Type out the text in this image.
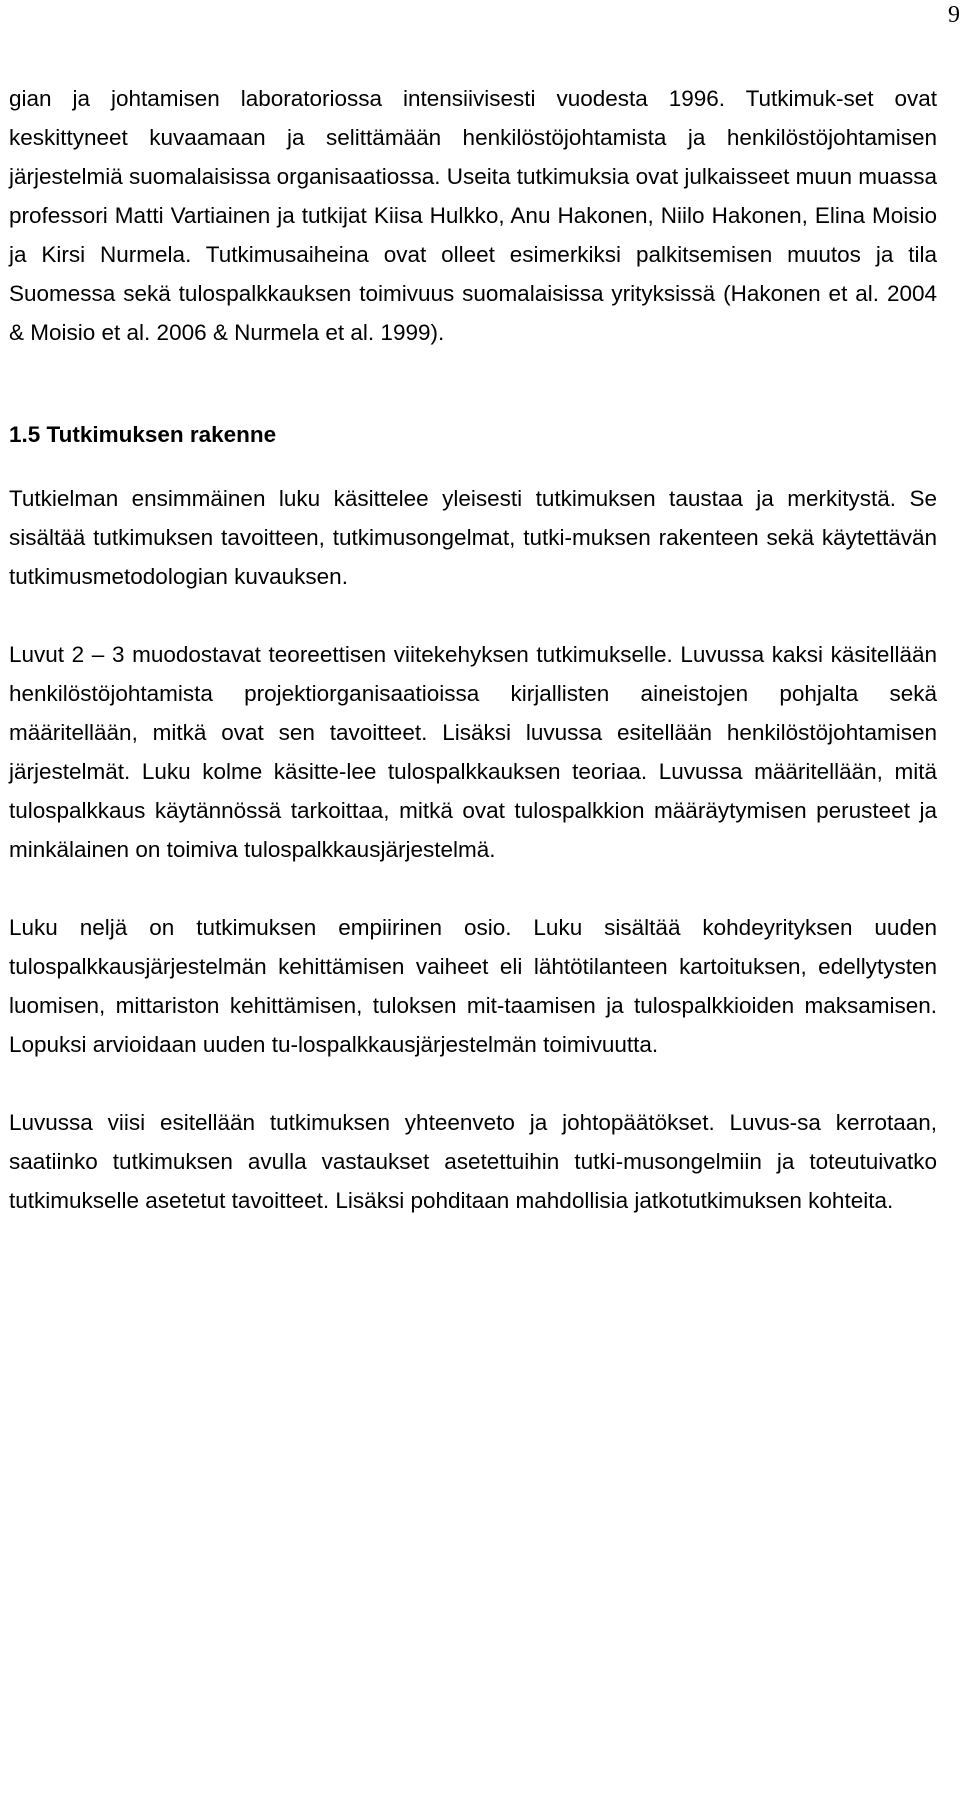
9

gian ja johtamisen laboratoriossa intensiivisesti vuodesta 1996. Tutkimuk-set ovat keskittyneet kuvaamaan ja selittämään henkilöstöjohtamista ja henkilöstöjohtamisen järjestelmiä suomalaisissa organisaatiossa. Useita tutkimuksia ovat julkaisseet muun muassa professori Matti Vartiainen ja tutkijat Kiisa Hulkko, Anu Hakonen, Niilo Hakonen, Elina Moisio ja Kirsi Nurmela. Tutkimusaiheina ovat olleet esimerkiksi palkitsemisen muutos ja tila Suomessa sekä tulospalkkauksen toimivuus suomalaisissa yrityksissä (Hakonen et al. 2004 & Moisio et al. 2006 & Nurmela et al. 1999).

1.5 Tutkimuksen rakenne

Tutkielman ensimmäinen luku käsittelee yleisesti tutkimuksen taustaa ja merkitystä. Se sisältää tutkimuksen tavoitteen, tutkimusongelmat, tutki-muksen rakenteen sekä käytettävän tutkimusmetodologian kuvauksen.

Luvut 2 – 3 muodostavat teoreettisen viitekehyksen tutkimukselle. Luvussa kaksi käsitellään henkilöstöjohtamista projektiorganisaatioissa kirjallisten aineistojen pohjalta sekä määritellään, mitkä ovat sen tavoitteet. Lisäksi luvussa esitellään henkilöstöjohtamisen järjestelmät. Luku kolme käsitte-lee tulospalkkauksen teoriaa. Luvussa määritellään, mitä tulospalkkaus käytännössä tarkoittaa, mitkä ovat tulospalkkion määräytymisen perusteet ja minkälainen on toimiva tulospalkkausjärjestelmä.

Luku neljä on tutkimuksen empiirinen osio. Luku sisältää kohdeyrityksen uuden tulospalkkausjärjestelmän kehittämisen vaiheet eli lähtötilanteen kartoituksen, edellytysten luomisen, mittariston kehittämisen, tuloksen mit-taamisen ja tulospalkkioiden maksamisen. Lopuksi arvioidaan uuden tu-lospalkkausjärjestelmän toimivuutta.

Luvussa viisi esitellään tutkimuksen yhteenveto ja johtopäätökset. Luvus-sa kerrotaan, saatiinko tutkimuksen avulla vastaukset asetettuihin tutki-musongelmiin ja toteutuivatko tutkimukselle asetetut tavoitteet. Lisäksi pohditaan mahdollisia jatkotutkimuksen kohteita.
